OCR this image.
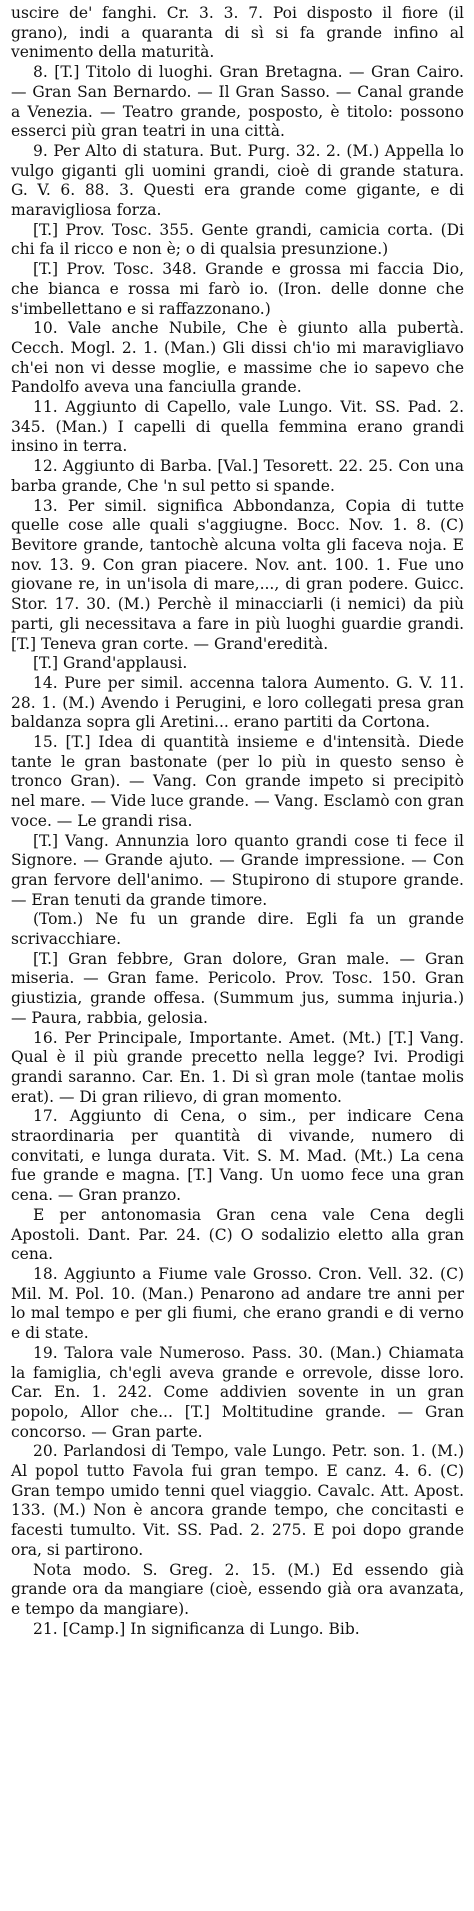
uscire de' fanghi. Cr. 3. 3. 7. Poi disposto il fiore (il grano), indi a quaranta di sì si fa grande infino al venimento della maturità.

8. [T.] Titolo di luoghi. Gran Bretagna. — Gran Cairo. — Gran San Bernardo. — Il Gran Sasso. — Canal grande a Venezia. — Teatro grande, posposto, è titolo: possono esserci più gran teatri in una città.

9. Per Alto di statura. But. Purg. 32. 2. (M.) Appella lo vulgo giganti gli uomini grandi, cioè di grande statura. G. V. 6. 88. 3. Questi era grande come gigante, e di maravigliosa forza.

[T.] Prov. Tosc. 355. Gente grandi, camicia corta. (Di chi fa il ricco e non è; o di qualsia presunzione.)

[T.] Prov. Tosc. 348. Grande e grossa mi faccia Dio, che bianca e rossa mi farò io. (Iron. delle donne che s'imbellettano e si raffazzonano.)

10. Vale anche Nubile, Che è giunto alla pubertà. Cecch. Mogl. 2. 1. (Man.) Gli dissi ch'io mi maravigliavo ch'ei non vi desse moglie, e massime che io sapevo che Pandolfo aveva una fanciulla grande.

11. Aggiunto di Capello, vale Lungo. Vit. SS. Pad. 2. 345. (Man.) I capelli di quella femmina erano grandi insino in terra.

12. Aggiunto di Barba. [Val.] Tesorett. 22. 25. Con una barba grande, Che 'n sul petto si spande.

13. Per simil. significa Abbondanza, Copia di tutte quelle cose alle quali s'aggiugne. Bocc. Nov. 1. 8. (C) Bevitore grande, tantochè alcuna volta gli faceva noja. E nov. 13. 9. Con gran piacere. Nov. ant. 100. 1. Fue uno giovane re, in un'isola di mare,..., di gran podere. Guicc. Stor. 17. 30. (M.) Perchè il minacciarli (i nemici) da più parti, gli necessitava a fare in più luoghi guardie grandi. [T.] Teneva gran corte. — Grand'eredità.

[T.] Grand'applausi.

14. Pure per simil. accenna talora Aumento. G. V. 11. 28. 1. (M.) Avendo i Perugini, e loro collegati presa gran baldanza sopra gli Aretini... erano partiti da Cortona.

15. [T.] Idea di quantità insieme e d'intensità. Diede tante le gran bastonate (per lo più in questo senso è tronco Gran). — Vang. Con grande impeto si precipitò nel mare. — Vide luce grande. — Vang. Esclamò con gran voce. — Le grandi risa.

[T.] Vang. Annunzia loro quanto grandi cose ti fece il Signore. — Grande ajuto. — Grande impressione. — Con gran fervore dell'animo. — Stupirono di stupore grande. — Eran tenuti da grande timore.

(Tom.) Ne fu un grande dire. Egli fa un grande scrivacchiare.

[T.] Gran febbre, Gran dolore, Gran male. — Gran miseria. — Gran fame. Pericolo. Prov. Tosc. 150. Gran giustizia, grande offesa. (Summum jus, summa injuria.) — Paura, rabbia, gelosia.

16. Per Principale, Importante. Amet. (Mt.) [T.] Vang. Qual è il più grande precetto nella legge? Ivi. Prodigi grandi saranno. Car. En. 1. Di sì gran mole (tantae molis erat). — Di gran rilievo, di gran momento.

17. Aggiunto di Cena, o sim., per indicare Cena straordinaria per quantità di vivande, numero di convitati, e lunga durata. Vit. S. M. Mad. (Mt.) La cena fue grande e magna. [T.] Vang. Un uomo fece una gran cena. — Gran pranzo.

E per antonomasia Gran cena vale Cena degli Apostoli. Dant. Par. 24. (C) O sodalizio eletto alla gran cena.

18. Aggiunto a Fiume vale Grosso. Cron. Vell. 32. (C) Mil. M. Pol. 10. (Man.) Penarono ad andare tre anni per lo mal tempo e per gli fiumi, che erano grandi e di verno e di state.

19. Talora vale Numeroso. Pass. 30. (Man.) Chiamata la famiglia, ch'egli aveva grande e orrevole, disse loro. Car. En. 1. 242. Come addivien sovente in un gran popolo, Allor che... [T.] Moltitudine grande. — Gran concorso. — Gran parte.

20. Parlandosi di Tempo, vale Lungo. Petr. son. 1. (M.) Al popol tutto Favola fui gran tempo. E canz. 4. 6. (C) Gran tempo umido tenni quel viaggio. Cavalc. Att. Apost. 133. (M.) Non è ancora grande tempo, che concitasti e facesti tumulto. Vit. SS. Pad. 2. 275. E poi dopo grande ora, si partirono.

Nota modo. S. Greg. 2. 15. (M.) Ed essendo già grande ora da mangiare (cioè, essendo già ora avanzata, e tempo da mangiare).

21. [Camp.] In significanza di Lungo. Bib.
